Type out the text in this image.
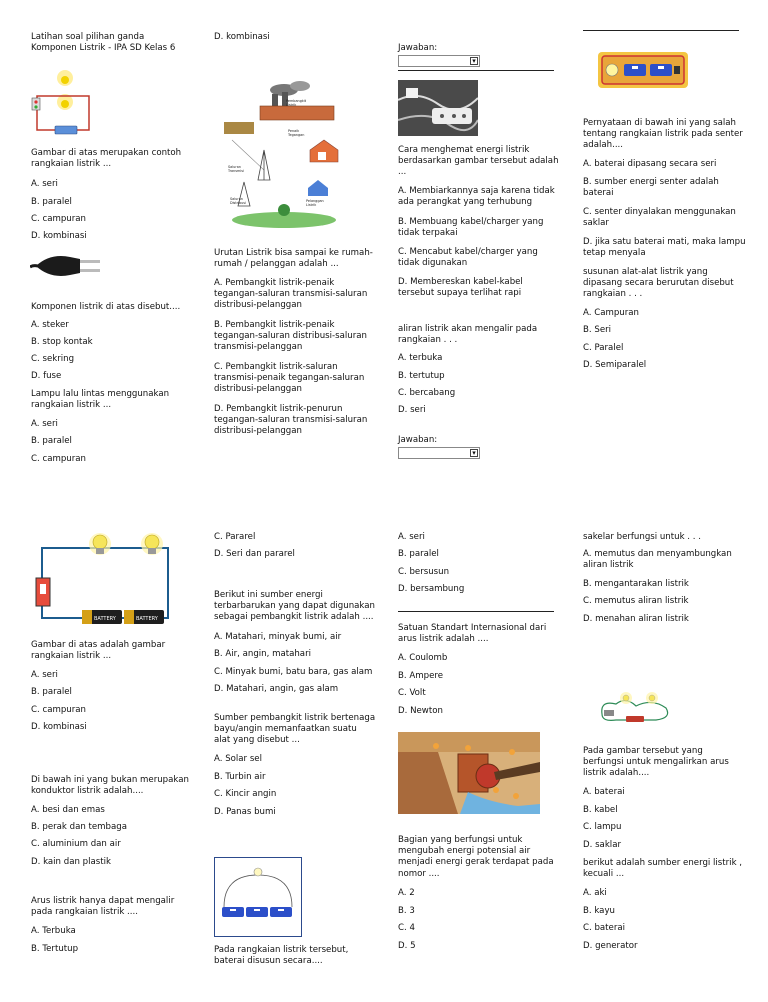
Latihan soal pilihan ganda
Komponen Listrik - IPA SD Kelas 6
Gambar di atas merupakan contoh
rangkaian listrik ...
A. seri
B. paralel
C. campuran
D. kombinasi
Komponen listrik di atas disebut....
A. steker
B. stop kontak
C. sekring
D. fuse
Lampu lalu lintas menggunakan
rangkaian listrik ...
A. seri
B. paralel
C. campuran
D. kombinasi
Pembangkit Listrik
Penaik Tegangan
Saluran Transmisi
Saluran Distribusi	Pelanggan Listrik
Urutan Listrik bisa sampai ke rumah-
rumah / pelanggan adalah ...
A. Pembangkit listrik-penaik
tegangan-saluran transmisi-saluran
distribusi-pelanggan
B. Pembangkit listrik-penaik
tegangan-saluran distribusi-saluran
transmisi-pelanggan
C. Pembangkit listrik-saluran
transmisi-penaik tegangan-saluran
distribusi-pelanggan
D. Pembangkit listrik-penurun
tegangan-saluran transmisi-saluran
distribusi-pelanggan
Jawaban:
▾
Cara menghemat energi listrik
berdasarkan gambar tersebut adalah
...
A. Membiarkannya saja karena tidak
ada perangkat yang terhubung
B. Membuang kabel/charger yang
tidak terpakai
C. Mencabut kabel/charger yang
tidak digunakan
D. Membereskan kabel-kabel
tersebut supaya terlihat rapi
aliran listrik akan mengalir pada
rangkaian . . .
A. terbuka
B. tertutup
C. bercabang
D. seri
Jawaban:
▾
Pernyataan di bawah ini yang salah
tentang rangkaian listrik pada senter
adalah....
A. baterai dipasang secara seri
B. sumber energi senter adalah
baterai
C. senter dinyalakan menggunakan
saklar
D. jika satu baterai mati, maka lampu
tetap menyala
susunan alat-alat listrik yang
dipasang secara berurutan disebut
rangkaian . . .
A. Campuran
B. Seri
C. Paralel
D. Semiparalel
BATTERY	BATTERY
Gambar di atas adalah gambar
rangkaian listrik ...
A. seri
B. paralel
C. campuran
D. kombinasi
Di bawah ini yang bukan merupakan
konduktor listrik adalah....
A. besi dan emas
B. perak dan tembaga
C. aluminium dan air
D. kain dan plastik
Arus listrik hanya dapat mengalir
pada rangkaian listrik ....
A. Terbuka
B. Tertutup
C. Pararel
D. Seri dan pararel
Berikut ini sumber energi
terbarbarukan yang dapat digunakan
sebagai pembangkit listrik adalah ....
A. Matahari, minyak bumi, air
B. Air, angin, matahari
C. Minyak bumi, batu bara, gas alam
D. Matahari, angin, gas alam
Sumber pembangkit listrik bertenaga
bayu/angin memanfaatkan suatu
alat yang disebut ...
A. Solar sel
B. Turbin air
C. Kincir angin
D. Panas bumi
Pada rangkaian listrik tersebut,
baterai disusun secara....
A. seri
B. paralel
C. bersusun
D. bersambung
Satuan Standart Internasional dari
arus listrik adalah ....
A. Coulomb
B. Ampere
C. Volt
D. Newton
Bagian yang berfungsi untuk
mengubah energi potensial air
menjadi energi gerak terdapat pada
nomor ....
A. 2
B. 3
C. 4
D. 5
sakelar berfungsi untuk . . .
A. memutus dan menyambungkan
aliran listrik
B. mengantarakan listrik
C. memutus aliran listrik
D. menahan aliran listrik
Pada gambar tersebut yang
berfungsi untuk mengalirkan arus
listrik adalah....
A. baterai
B. kabel
C. lampu
D. saklar
berikut adalah sumber energi listrik ,
kecuali ...
A. aki
B. kayu
C. baterai
D. generator
